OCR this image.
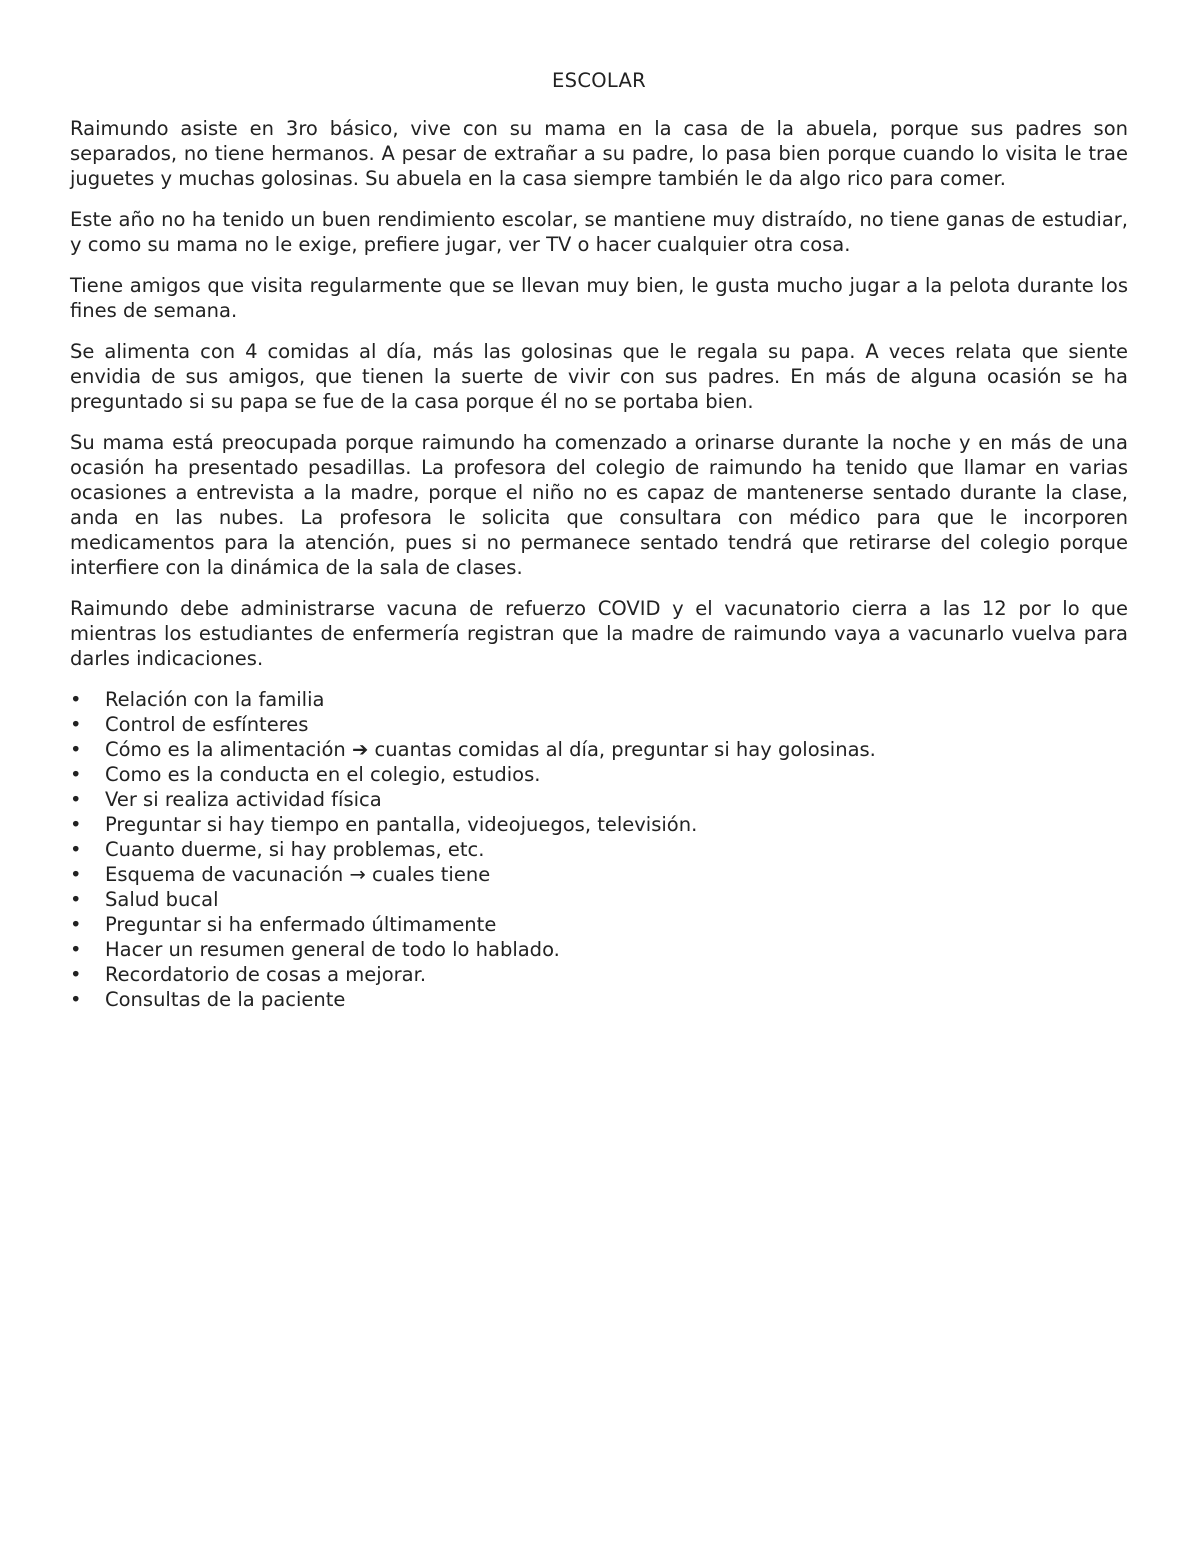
ESCOLAR

Raimundo asiste en 3ro básico, vive con su mama en la casa de la abuela, porque sus padres son separados, no tiene hermanos. A pesar de extrañar a su padre, lo pasa bien porque cuando lo visita le trae juguetes y muchas golosinas. Su abuela en la casa siempre también le da algo rico para comer.

Este año no ha tenido un buen rendimiento escolar, se mantiene muy distraído, no tiene ganas de estudiar, y como su mama no le exige, prefiere jugar, ver TV o hacer cualquier otra cosa.

Tiene amigos que visita regularmente que se llevan muy bien, le gusta mucho jugar a la pelota durante los fines de semana.

Se alimenta con 4 comidas al día, más las golosinas que le regala su papa. A veces relata que siente envidia de sus amigos, que tienen la suerte de vivir con sus padres. En más de alguna ocasión se ha preguntado si su papa se fue de la casa porque él no se portaba bien.

Su mama está preocupada porque raimundo ha comenzado a orinarse durante la noche y en más de una ocasión ha presentado pesadillas. La profesora del colegio de raimundo ha tenido que llamar en varias ocasiones a entrevista a la madre, porque el niño no es capaz de mantenerse sentado durante la clase, anda en las nubes. La profesora le solicita que consultara con médico para que le incorporen medicamentos para la atención, pues si no permanece sentado tendrá que retirarse del colegio porque interfiere con la dinámica de la sala de clases.

Raimundo debe administrarse vacuna de refuerzo COVID y el vacunatorio cierra a las 12 por lo que mientras los estudiantes de enfermería registran que la madre de raimundo vaya a vacunarlo vuelva para darles indicaciones.

• Relación con la familia
• Control de esfínteres
• Cómo es la alimentación ➔ cuantas comidas al día, preguntar si hay golosinas.
• Como es la conducta en el colegio, estudios.
• Ver si realiza actividad física
• Preguntar si hay tiempo en pantalla, videojuegos, televisión.
• Cuanto duerme, si hay problemas, etc.
• Esquema de vacunación → cuales tiene
• Salud bucal
• Preguntar si ha enfermado últimamente
• Hacer un resumen general de todo lo hablado.
• Recordatorio de cosas a mejorar.
• Consultas de la paciente
